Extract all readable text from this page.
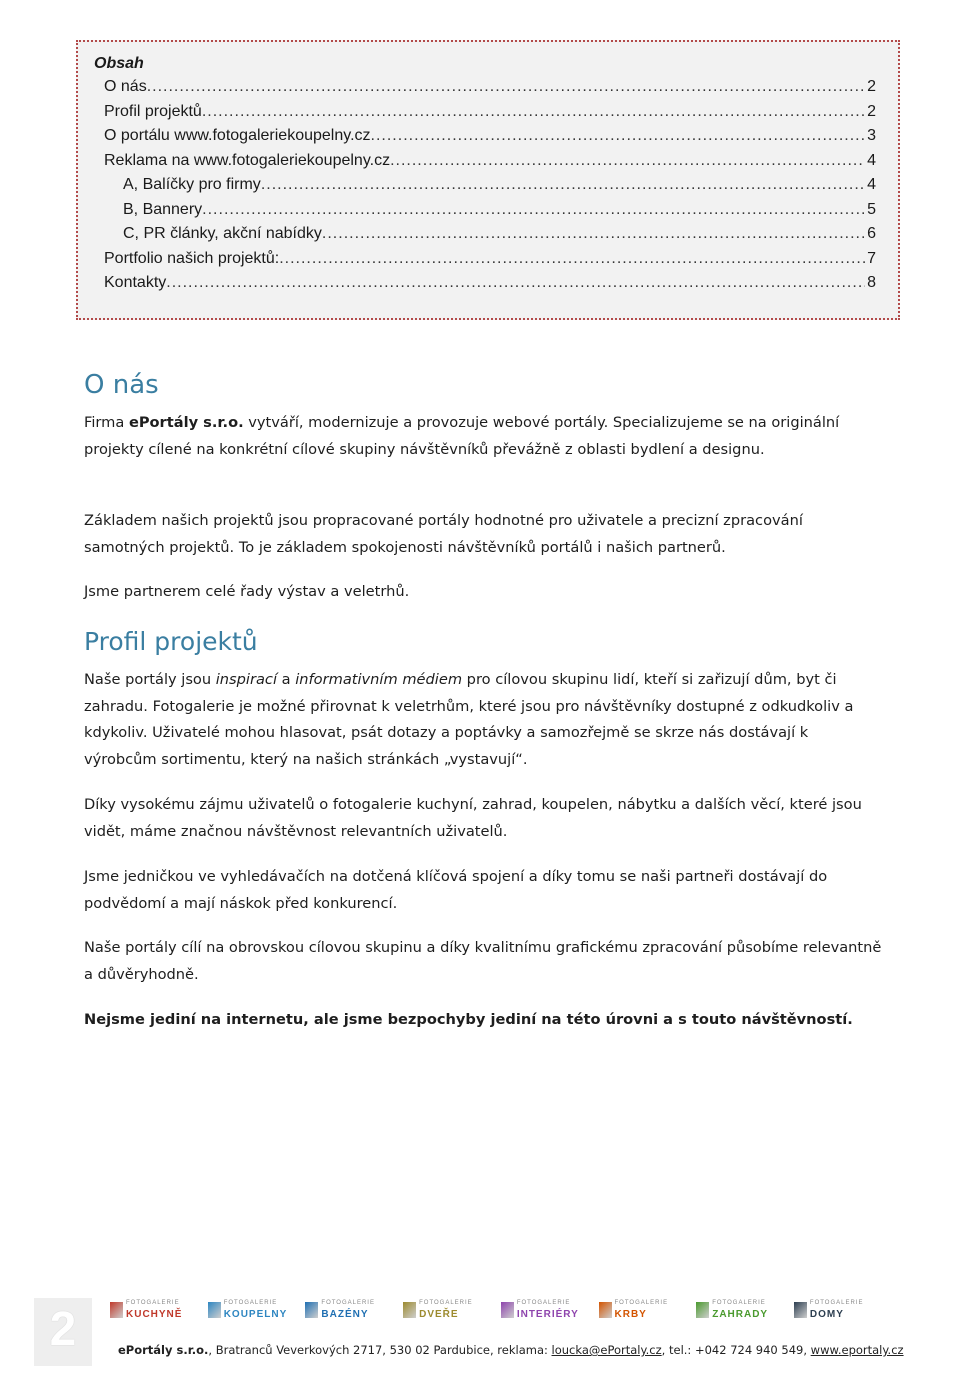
Obsah
O nás .....	2
Profil projektů .....	2
O portálu www.fotogaleriekoupelny.cz .....	3
Reklama na www.fotogaleriekoupelny.cz .....	4
A, Balíčky pro firmy .....	4
B, Bannery .....	5
C, PR články, akční nabídky .....	6
Portfolio našich projektů: .....	7
Kontakty .....	8
O nás
Firma ePortály s.r.o. vytváří, modernizuje a provozuje webové portály. Specializujeme se na originální projekty cílené na konkrétní cílové skupiny návštěvníků převážně z oblasti bydlení a designu.
Základem našich projektů jsou propracované portály hodnotné pro uživatele a precizní zpracování samotných projektů. To je základem spokojenosti návštěvníků portálů i našich partnerů.
Jsme partnerem celé řady výstav a veletrhů.
Profil projektů
Naše portály jsou inspirací a informativním médiem pro cílovou skupinu lidí, kteří si zařizují dům, byt či zahradu. Fotogalerie je možné přirovnat k veletrhům, které jsou pro návštěvníky dostupné z odkudkoliv a kdykoliv. Uživatelé mohou hlasovat, psát dotazy a poptávky a samozřejmě se skrze nás dostávají k výrobcům sortimentu, který na našich stránkách „vystavují“.
Díky vysokému zájmu uživatelů o fotogalerie kuchyní, zahrad, koupelen, nábytku a dalších věcí, které jsou vidět, máme značnou návštěvnost relevantních uživatelů.
Jsme jedničkou ve vyhledávačích na dotčená klíčová spojení a díky tomu se naši partneři dostávají do podvědomí a mají náskok před konkurencí.
Naše portály cílí na obrovskou cílovou skupinu a díky kvalitnímu grafickému zpracování působíme relevantně a důvěryhodně.
Nejsme jediní na internetu, ale jsme bezpochyby jediní na této úrovni a s touto návštěvností.
2	FOTOGALERIE
KUCHYNĚ
FOTOGALERIE
KOUPELNY
FOTOGALERIE
BAZÉNY
FOTOGALERIE
DVEŘE
FOTOGALERIE
INTERIÉRY
FOTOGALERIE
KRBY
FOTOGALERIE
ZAHRADY
FOTOGALERIE
DOMY
ePortály s.r.o., Bratranců Veverkových 2717, 530 02 Pardubice, reklama: loucka@ePortaly.cz, tel.: +042 724 940 549, www.eportaly.cz
